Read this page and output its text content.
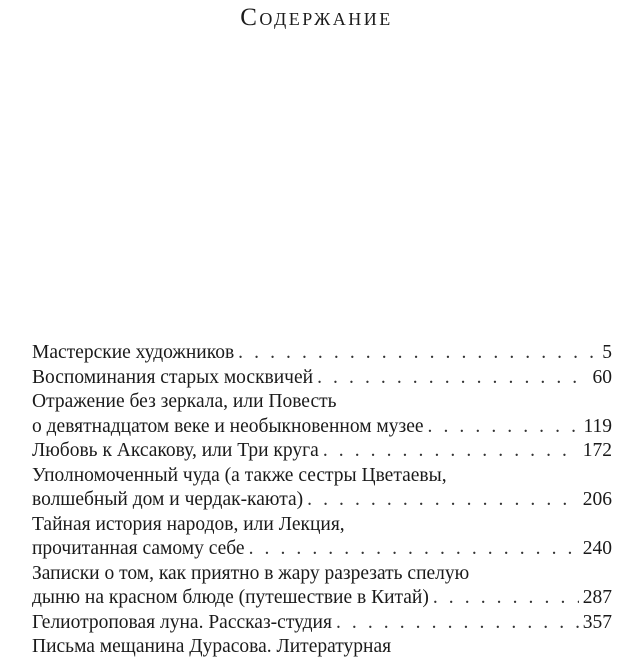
Содержание
Мастерские художников . . .	5
Воспоминания старых москвичей . . .	60
Отражение без зеркала, или Повесть
о девятнадцатом веке и необыкновенном музее . . .	119
Любовь к Аксакову, или Три круга . . .	172
Уполномоченный чуда (а также сестры Цветаевы,
волшебный дом и чердак-каюта) . . .	206
Тайная история народов, или Лекция,
прочитанная самому себе . . .	240
Записки о том, как приятно в жару разрезать спелую
дыню на красном блюде (путешествие в Китай) . . .	287
Гелиотроповая луна. Рассказ-студия . . .	357
Письма мещанина Дурасова. Литературная
